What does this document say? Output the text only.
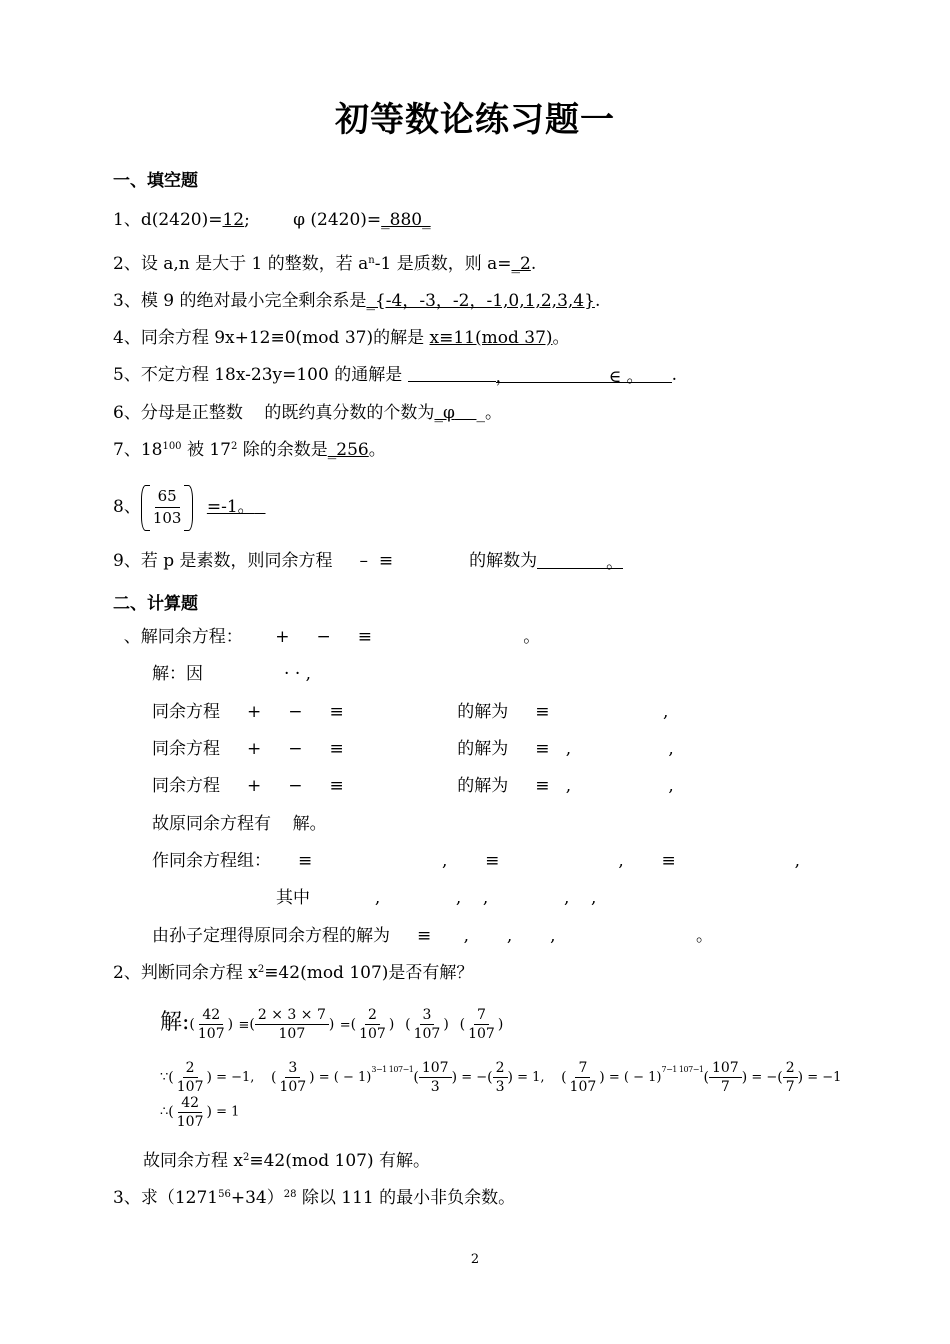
初等数论练习题一
一、填空题
1、d(2420)=12;        φ (2420)=_880_
2、设 a,n 是大于 1 的整数，若 $a^n-1$ 是质数，则 a=_2.
3、模 9 的绝对最小完全剩余系是_{-4，-3，-2，-1,0,1,2,3,4}.
4、同余方程 9x+12≡0(mod 37)的解是 x≡11(mod 37)。
5、不定方程 18x-23y=100 的通解是	，	∈ 。 .
6、分母是正整数    的既约真分数的个数为_φ _。
7、$18^{100}$ 被 $17^2$ 除的余数是_256。
8、 $\frac{65}{103} =-1$。
9、若 p 是素数，则同余方程     –  ≡	的解数为	。
二、计算题
、解同余方程：      +     −     ≡                            。
解：因               · · ,
同余方程     +     −     ≡                     的解为     ≡                     ,
同余方程     +     −     ≡                     的解为     ≡   ,                  ,
同余方程     +     −     ≡                     的解为     ≡   ,                  ,
故原同余方程有    解。
作同余方程组：     ≡                        ,       ≡                      ,       ≡                      ,
其中            ,              ,    ,              ,    ,
由孙子定理得原同余方程的解为     ≡      ,       ,       ,                          。
2、判断同余方程 $x^2\equiv 42(mod$ 107)是否有解？
解:( $\frac{42}{107}$ ) ≡( $\frac{2 \times 3 \times 7}{107}$ ) =( $\frac{2}{107}$ ) ( $\frac{3}{107}$ ) ( $\frac{7}{107}$ )
∵( $\frac{2}{107}$ ) = −1, ( $\frac{3}{107}$ ) = ( − $1)^{3-1 107-1}( \frac{107}{3}$ ) = −( $\frac{2}{3}$ ) = 1, ( $\frac{7}{107}$ ) = ( − $1)^{7-1 107-1}( \frac{107}{7}$ ) = −( $\frac{2}{7}$ ) = −1
∴( $\frac{42}{107}$ ) = 1
故同余方程 $x^2\equiv 42(mod$ 107) 有解。
3、求$(1271^{56}+34)^{28}$ 除以 111 的最小非负余数。
2
